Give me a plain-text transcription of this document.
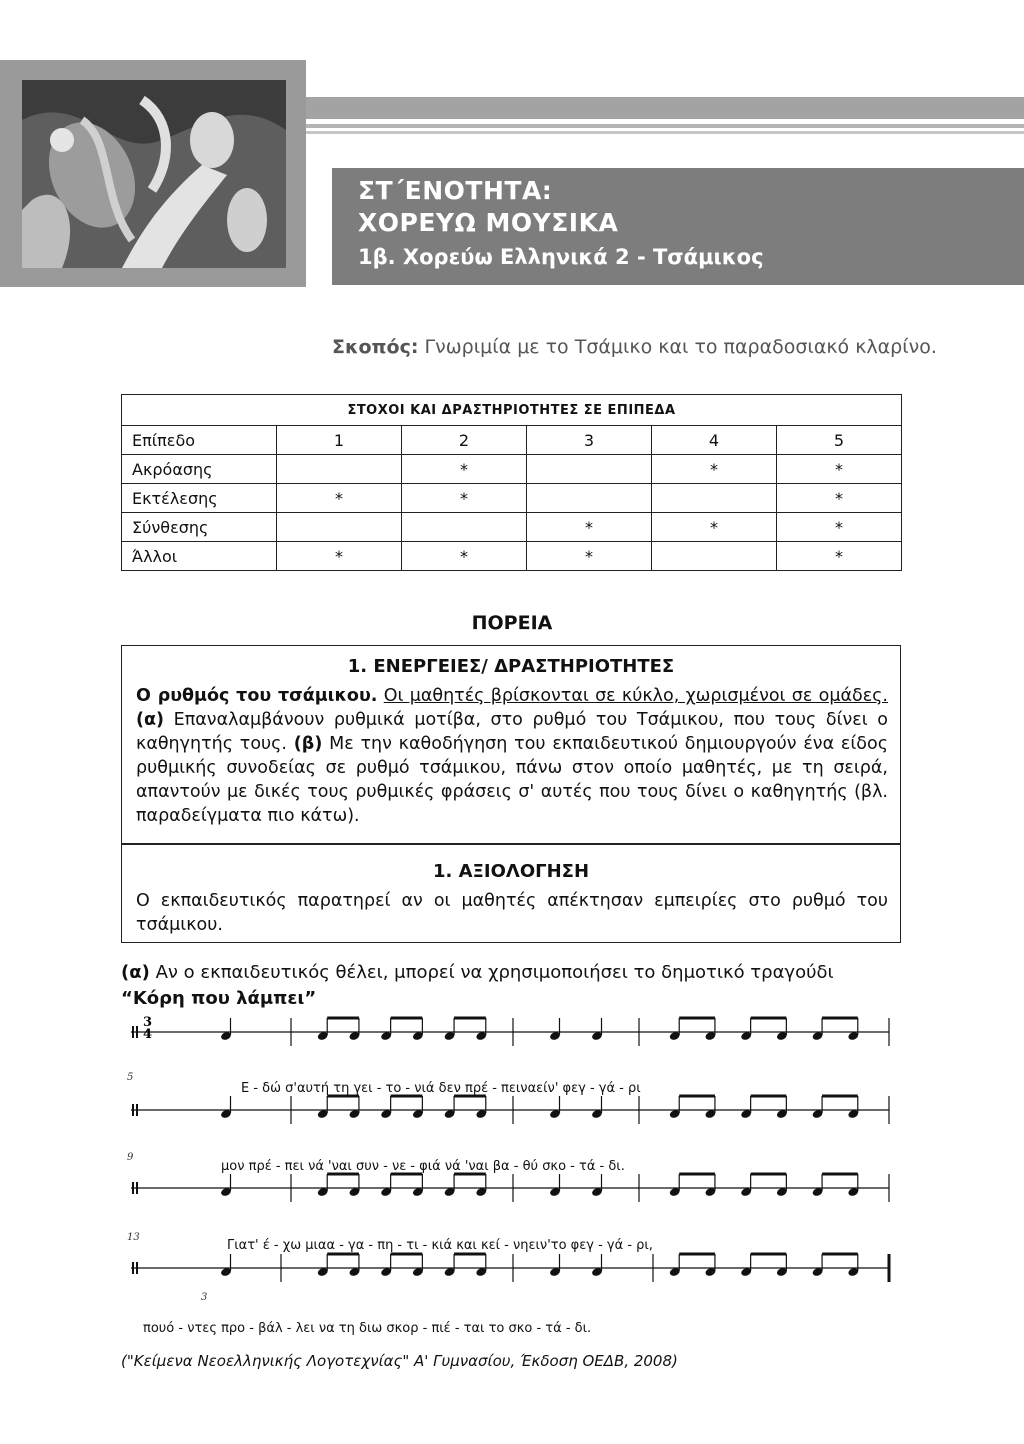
ΣΤ΄ΕΝΟΤΗΤΑ:
ΧΟΡΕΥΩ ΜΟΥΣΙΚΑ
1β. Χορεύω Ελληνικά 2 - Τσάμικος
Σκοπός: Γνωριμία με το Τσάμικο και το παραδοσιακό κλαρίνο.
ΣΤΟΧΟΙ ΚΑΙ ΔΡΑΣΤΗΡΙΟΤΗΤΕΣ ΣΕ ΕΠΙΠΕΔΑ					
Επίπεδο	1	2	3	4	5
Ακρόασης		*		*	*
Εκτέλεσης	*	*			*
Σύνθεσης			*	*	*
Άλλοι	*	*	*		*
ΠΟΡΕΙΑ
1. ΕΝΕΡΓΕΙΕΣ/ ΔΡΑΣΤΗΡΙΟΤΗΤΕΣ
Ο ρυθμός του τσάμικου. Οι μαθητές βρίσκονται σε κύκλο, χωρισμένοι σε ομάδες. (α) Επαναλαμβάνουν ρυθμικά μοτίβα, στο ρυθμό του Τσάμικου, που τους δίνει ο καθηγητής τους. (β) Με την καθοδήγηση του εκπαιδευτικού δημιουργούν ένα είδος ρυθμικής συνοδείας σε ρυθμό τσάμικου, πάνω στον οποίο μαθητές, με τη σειρά, απαντούν με δικές τους ρυθμικές φράσεις σ' αυτές που τους δίνει ο καθηγητής (βλ. παραδείγματα πιο κάτω).
1. ΑΞΙΟΛΟΓΗΣΗ
Ο εκπαιδευτικός παρατηρεί αν οι μαθητές απέκτησαν εμπειρίες στο ρυθμό του τσάμικου.
(α) Αν ο εκπαιδευτικός θέλει, μπορεί να χρησιμοποιήσει το δημοτικό τραγούδι “Κόρη που λάμπει”
3
4
5
9
13
3
Ε - δώ σ'αυτή τη γει - το - νιά δεν πρέ - πειναείν' φεγ - γά - ρι
μον πρέ - πει νά 'ναι συν - νε - φιά νά 'ναι βα - θύ σκο - τά - δι.
Γιατ' έ - χω μιαα - γα - πη - τι - κιά και κεί - νηειν'το φεγ - γά - ρι,
πουό - ντες προ - βάλ - λει να τη διω σκορ - πιέ - ται το σκο - τά - δι.
("Κείμενα Νεοελληνικής Λογοτεχνίας" Α' Γυμνασίου, Έκδοση ΟΕΔΒ, 2008)
